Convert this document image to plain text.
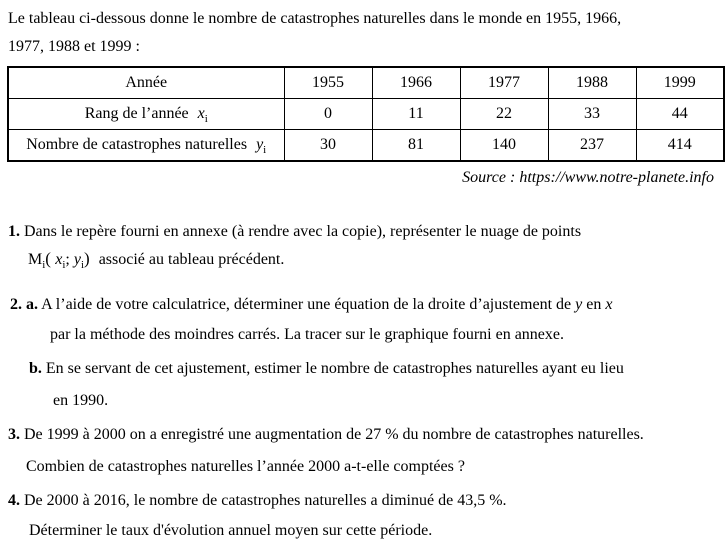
Le tableau ci-dessous donne le nombre de catastrophes naturelles dans le monde en 1955, 1966,
1977, 1988 et 1999 :
Année	1955	1966	1977	1988	1999
Rang de l’année $x_i$	0	11	22	33	44
Nombre de catastrophes naturelles $y_i$	30	81	140	237	414
Source : https://www.notre-planete.info
1. Dans le repère fourni en annexe (à rendre avec la copie), représenter le nuage de points
$M_i$( $x_i$; $y_i$) associé au tableau précédent.
2. a. A l’aide de votre calculatrice, déterminer une équation de la droite d’ajustement de y en x
par la méthode des moindres carrés. La tracer sur le graphique fourni en annexe.
b. En se servant de cet ajustement, estimer le nombre de catastrophes naturelles ayant eu lieu
en 1990.
3. De 1999 à 2000 on a enregistré une augmentation de 27 % du nombre de catastrophes naturelles.
Combien de catastrophes naturelles l’année 2000 a-t-elle comptées ?
4. De 2000 à 2016, le nombre de catastrophes naturelles a diminué de 43,5 %.
Déterminer le taux d'évolution annuel moyen sur cette période.
